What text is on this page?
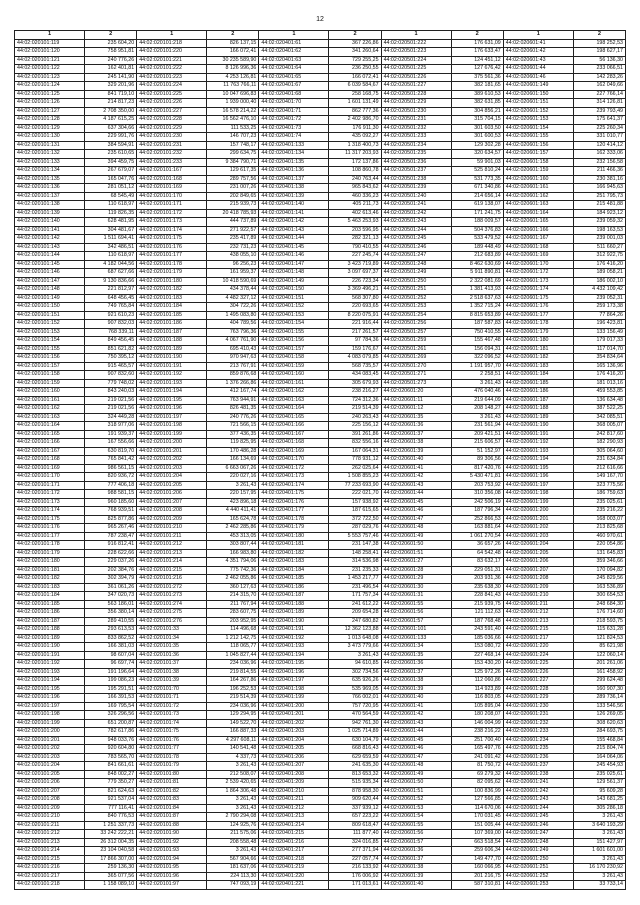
12
1	2	1	2	1	2	1	2	1	2
44:02:020101:119	235 604,20	44:02:020101:218	826 137,15	44:02:020401:61	367 226,86	44:02:020501:222	176 631,09	44:02:020601:41	198 252,53
44:02:020101:120	758 951,81	44:02:020101:220	166 072,41	44:02:020401:62	341 260,64	44:02:020501:223	176 633,47	44:02:020601:42	198 627,17
44:02:020101:121	240 776,26	44:02:020101:221	30 235 589,90	44:02:020401:63	729 255,25	44:02:020501:224	124 451,12	44:02:020601:43	56 136,30
44:02:020101:122	162 401,81	44:02:020101:222	8 126 996,36	44:02:020401:64	236 250,55	44:02:020501:225	127 676,42	44:02:020601:44	233 066,51
44:02:020101:123	245 141,90	44:02:020101:223	4 253 126,81	44:02:020401:65	166 072,41	44:02:020501:226	375 561,36	44:02:020601:46	142 283,26
44:02:020101:124	329 201,96	44:02:020101:224	11 763 766,11	44:02:020401:67	6 039 584,67	44:02:020501:227	382 181,65	44:02:020601:149	162 049,66
44:02:020101:125	841 719,10	44:02:020101:225	10 047 696,83	44:02:020401:68	258 168,75	44:02:020501:228	389 610,53	44:02:020601:150	227 766,14
44:02:020101:126	214 817,23	44:02:020101:226	1 939 000,40	44:02:020401:70	1 601 131,49	44:02:020501:229	382 631,85	44:02:020601:151	314 126,81
44:02:020101:127	2 708 350,00	44:02:020101:227	16 578 214,22	44:02:020401:71	862 777,36	44:02:020501:230	304 856,21	44:02:020601:152	239 793,49
44:02:020101:128	4 187 615,25	44:02:020101:228	16 562 476,10	44:02:020401:72	2 402 986,70	44:02:020501:231	315 704,15	44:02:020601:153	175 641,37
44:02:020101:129	637 304,66	44:02:020101:229	111 533,25	44:02:020401:73	176 911,30	44:02:020501:232	301 603,50	44:02:020601:154	225 260,34
44:02:020101:130	229 991,76	44:02:020101:230	146 707,23	44:02:020401:74	435 092,27	44:02:020501:233	301 600,53	44:02:020601:155	331 010,77
44:02:020101:131	384 594,91	44:02:020101:231	157 748,17	44:02:020401:133	1 318 400,73	44:02:020501:234	129 302,28	44:02:020601:156	120 414,12
44:02:020101:132	235 610,65	44:02:020101:232	299 634,75	44:02:020401:134	11 317 203,93	44:02:020501:235	320 634,57	44:02:020601:157	162 333,06
44:02:020101:133	394 459,75	44:02:020101:233	9 384 790,71	44:02:020401:135	172 137,86	44:02:020501:236	59 901,03	44:02:020601:158	232 156,58
44:02:020101:134	267 679,07	44:02:020101:167	129 617,35	44:02:020401:136	108 860,78	44:02:020501:237	525 810,24	44:02:020601:159	211 466,36
44:02:020101:135	165 047,76	44:02:020101:168	289 757,56	44:02:020401:137	240 763,44	44:02:020501:238	531 773,35	44:02:020601:160	230 381,16
44:02:020101:136	281 051,12	44:02:020101:169	231 007,26	44:02:020401:138	965 843,62	44:02:020501:239	671 340,86	44:02:020601:161	166 945,63
44:02:020101:137	68 545,49	44:02:020101:170	202 849,65	44:02:020401:139	460 336,23	44:02:020501:240	214 656,14	44:02:020601:162	251 795,73
44:02:020101:138	110 618,97	44:02:020101:171	215 939,73	44:02:020401:140	405 211,73	44:02:020501:241	619 138,07	44:02:020601:163	215 481,88
44:02:020101:139	119 826,35	44:02:020101:172	20 418 785,93	44:02:020401:141	402 613,46	44:02:020501:242	171 241,75	44:02:020601:164	184 923,12
44:02:020101:140	628 481,95	44:02:020101:173	444 737,89	44:02:020401:142	5 463 253,93	44:02:020501:243	188 009,57	44:02:020601:165	239 059,32
44:02:020101:141	304 481,67	44:02:020101:174	271 922,57	44:02:020401:143	203 596,95	44:02:020501:244	504 376,83	44:02:020601:166	198 163,53
44:02:020101:142	1 511 694,41	44:02:020101:175	235 417,89	44:02:020401:144	282 321,13	44:02:020501:245	533 479,52	44:02:020601:167	239 001,03
44:02:020101:143	342 486,51	44:02:020101:176	232 731,23	44:02:020401:145	790 410,55	44:02:020501:246	189 448,49	44:02:020601:168	511 660,27
44:02:020101:144	110 618,97	44:02:020101:177	438 055,10	44:02:020401:146	227 245,74	44:02:020501:247	212 683,89	44:02:020601:169	312 922,75
44:02:020101:145	4 182 044,56	44:02:020101:178	96 256,23	44:02:020401:147	3 423 719,89	44:02:020501:248	8 462 630,69	44:02:020601:170	176 416,20
44:02:020101:146	687 627,66	44:02:020101:179	161 959,37	44:02:020401:148	3 097 697,37	44:02:020501:249	5 911 890,81	44:02:020601:172	189 058,21
44:02:020101:147	9 130 836,66	44:02:020101:180	10 418 590,69	44:02:020401:149	226 723,34	44:02:020501:250	2 322 081,69	44:02:020601:173	186 002,10
44:02:020101:148	221 812,97	44:02:020101:182	434 378,44	44:02:020401:150	3 369 496,21	44:02:020501:251	1 381 413,93	44:02:020601:174	4 432 109,42
44:02:020101:149	648 456,45	44:02:020101:183	4 482 327,12	44:02:020401:151	568 307,80	44:02:020501:252	2 518 637,63	44:02:020601:175	239 052,31
44:02:020101:150	749 765,84	44:02:020101:184	304 722,26	44:02:020401:152	220 693,65	44:02:020501:253	1 352 715,24	44:02:020601:176	259 173,38
44:02:020101:151	921 610,23	44:02:020101:185	1 495 083,80	44:02:020401:153	8 220 075,91	44:02:020501:254	8 815 653,89	44:02:020601:177	77 864,26
44:02:020101:152	907 832,03	44:02:020101:186	404 789,56	44:02:020401:154	221 916,44	44:02:020501:256	187 587,83	44:02:020601:178	196 423,81
44:02:020101:153	768 339,11	44:02:020101:187	763 796,36	44:02:020401:155	217 261,57	44:02:020501:257	750 410,55	44:02:020601:179	133 156,49
44:02:020101:154	849 456,45	44:02:020101:188	4 067 761,90	44:02:020401:156	97 784,36	44:02:020501:259	155 467,48	44:02:020601:180	179 017,33
44:02:020101:155	851 621,82	44:02:020101:189	695 410,43	44:02:020401:157	159 176,67	44:02:020501:261	156 094,31	44:02:020601:181	117 014,70
44:02:020101:156	750 395,12	44:02:020101:190	970 947,63	44:02:020401:158	4 083 079,85	44:02:020501:269	322 096,52	44:02:020601:182	354 834,64
44:02:020101:157	915 465,57	44:02:020101:191	213 767,91	44:02:020401:159	568 735,57	44:02:020501:270	1 191 957,70	44:02:020601:183	165 136,96
44:02:020101:158	907 832,60	44:02:020101:192	859 876,68	44:02:020401:160	434 083,45	44:02:020501:271	2 258,51	44:02:020601:184	176 416,20
44:02:020101:159	779 748,02	44:02:020101:193	1 376 266,86	44:02:020401:161	305 679,93	44:02:020501:273	3 261,43	44:02:020601:185	181 013,16
44:02:020101:160	843 240,03	44:02:020101:194	412 167,74	44:02:020401:162	238 216,27	44:02:020601:20	476 040,46	44:02:020601:186	459 553,85
44:02:020101:161	219 021,56	44:02:020101:195	763 944,91	44:02:020401:163	724 312,36	44:02:020601:11	219 644,09	44:02:020601:187	136 634,48
44:02:020101:162	219 021,56	44:02:020101:196	826 481,35	44:02:020401:164	219 514,39	44:02:020601:12	208 148,27	44:02:020601:188	387 522,25
44:02:020101:163	324 449,28	44:02:020101:197	240 776,26	44:02:020401:165	240 263,43	44:02:020601:35	3 261,43	44:02:020601:189	342 085,51
44:02:020101:164	318 977,06	44:02:020101:198	721 566,15	44:02:020401:166	225 156,12	44:02:020601:36	231 561,94	44:02:020601:190	368 005,07
44:02:020101:165	191 939,37	44:02:020101:199	377 436,35	44:02:020401:167	391 261,86	44:02:020601:37	209 421,51	44:02:020601:191	242 817,60
44:02:020101:166	167 556,66	44:02:020101:200	119 825,95	44:02:020401:168	832 556,16	44:02:020601:38	215 606,57	44:02:020601:192	182 290,93
44:02:020101:167	630 819,70	44:02:020101:201	170 486,28	44:02:020401:169	167 064,31	44:02:020601:39	51 152,97	44:02:020601:193	305 064,60
44:02:020101:168	765 841,42	44:02:020101:202	166 134,69	44:02:020401:170	778 931,12	44:02:020601:40	89 306,56	44:02:020601:194	231 634,84
44:02:020101:169	986 561,15	44:02:020101:203	6 663 067,26	44:02:020401:172	262 025,64	44:02:020601:41	817 420,76	44:02:020601:195	212 616,66
44:02:020101:170	820 936,72	44:02:020101:204	220 027,16	44:02:020401:173	1 508 855,23	44:02:020601:42	5 430 471,81	44:02:020601:196	149 167,70
44:02:020101:171	777 406,18	44:02:020101:205	3 261,43	44:02:020401:174	77 233 693,90	44:02:020601:43	203 753,92	44:02:020601:197	323 775,56
44:02:020101:172	988 581,15	44:02:020101:206	220 157,95	44:02:020401:175	222 021,70	44:02:020601:44	310 356,08	44:02:020601:198	186 759,63
44:02:020101:173	960 185,60	44:02:020101:207	423 896,18	44:02:020401:176	157 938,92	44:02:020601:45	242 506,19	44:02:020601:199	235 025,61
44:02:020101:174	768 939,51	44:02:020101:208	4 440 411,41	44:02:020401:177	187 615,65	44:02:020601:46	187 796,34	44:02:020601:200	235 216,22
44:02:020101:175	825 877,86	44:02:020101:209	165 624,78	44:02:020401:178	372 722,50	44:02:020601:47	252 866,53	44:02:020601:201	168 003,07
44:02:020101:176	965 267,46	44:02:020101:210	2 462 285,86	44:02:020401:179	287 029,76	44:02:020601:48	163 881,64	44:02:020601:202	213 825,68
44:02:020101:177	787 238,47	44:02:020101:211	453 313,05	44:02:020401:180	5 553 757,46	44:02:020601:49	1 061 270,54	44:02:020601:203	460 970,61
44:02:020101:178	916 812,41	44:02:020101:212	303 807,44	44:02:020401:181	231 147,38	44:02:020601:50	36 657,26	44:02:020601:204	220 054,86
44:02:020101:179	228 622,66	44:02:020101:213	166 983,80	44:02:020401:182	148 258,41	44:02:020601:51	64 542,48	44:02:020601:205	131 645,83
44:02:020101:180	229 037,26	44:02:020101:214	4 351 794,06	44:02:020401:183	314 536,98	44:02:020601:27	83 632,17	44:02:020601:206	359 346,66
44:02:020101:181	202 384,76	44:02:020101:215	775 742,36	44:02:020401:184	231 235,33	44:02:020601:28	229 051,31	44:02:020601:207	170 094,82
44:02:020101:182	302 394,79	44:02:020101:216	2 462 055,86	44:02:020401:185	1 453 217,77	44:02:020601:29	203 931,36	44:02:020601:208	245 829,56
44:02:020101:183	361 061,26	44:02:020101:272	360 127,63	44:02:020401:186	231 496,54	44:02:020601:30	235 638,30	44:02:020601:209	163 536,89
44:02:020101:184	347 020,73	44:02:020101:273	214 315,70	44:02:020401:187	171 757,34	44:02:020601:31	228 841,43	44:02:020601:210	300 654,53
44:02:020101:185	563 186,01	44:02:020101:274	211 767,94	44:02:020401:188	241 612,22	44:02:020601:55	215 939,75	44:02:020601:211	248 684,30
44:02:020101:186	356 380,14	44:02:020101:275	283 607,75	44:02:020401:189	209 654,28	44:02:020601:56	121 112,63	44:02:020601:212	176 714,60
44:02:020101:187	289 410,55	44:02:020101:276	203 952,95	44:02:020401:190	247 680,82	44:02:020601:57	187 768,48	44:02:020601:213	218 593,75
44:02:020101:188	293 613,53	44:02:020101:33	114 496,68	44:02:020401:191	12 362 123,88	44:02:020601:101	243 591,40	44:02:020601:215	115 631,28
44:02:020101:189	833 862,52	44:02:020101:34	1 212 142,75	44:02:020401:192	1 013 648,08	44:02:020601:133	185 036,66	44:02:020601:217	121 824,53
44:02:020101:190	166 381,03	44:02:020101:35	118 065,77	44:02:020401:193	3 473 779,66	44:02:020601:34	153 080,72	44:02:020601:220	85 621,98
44:02:020101:191	98 607,04	44:02:020101:36	1 045 827,44	44:02:020401:194	3 261,43	44:02:020601:35	227 468,14	44:02:020601:224	122 060,14
44:02:020101:192	96 697,74	44:02:020101:37	234 036,96	44:02:020401:195	94 610,85	44:02:020601:36	153 430,20	44:02:020601:225	201 261,06
44:02:020101:193	191 196,64	44:02:020101:38	219 814,55	44:02:020401:196	302 734,56	44:02:020601:37	125 972,26	44:02:020601:226	161 458,92
44:02:020101:194	199 086,23	44:02:020101:39	164 267,86	44:02:020401:197	635 926,26	44:02:020601:38	112 060,86	44:02:020601:227	299 624,48
44:02:020101:195	195 291,51	44:02:020101:70	196 252,53	44:02:020401:198	535 969,05	44:02:020601:39	114 923,89	44:02:020601:228	160 907,30
44:02:020101:196	166 391,53	44:02:020101:71	219 514,39	44:02:020401:199	766 002,01	44:02:020601:40	116 803,05	44:02:020601:229	289 736,14
44:02:020101:197	169 795,54	44:02:020101:72	234 036,96	44:02:020401:200	757 720,95	44:02:020601:41	105 895,04	44:02:020601:230	133 546,56
44:02:020101:198	326 296,56	44:02:020101:73	129 294,95	44:02:020401:201	470 564,59	44:02:020601:42	180 208,07	44:02:020601:231	126 269,05
44:02:020101:199	651 200,87	44:02:020101:74	149 522,70	44:02:020401:202	942 761,30	44:02:020601:43	146 004,99	44:02:020601:232	308 620,63
44:02:020101:200	782 617,86	44:02:020101:75	166 887,33	44:02:020401:203	1 025 714,89	44:02:020601:44	238 216,22	44:02:020601:233	284 693,75
44:02:020101:201	948 033,76	44:02:020101:76	4 297 608,11	44:02:020401:204	630 104,79	44:02:020601:45	251 700,40	44:02:020601:234	155 468,84
44:02:020101:202	920 604,80	44:02:020101:77	140 541,48	44:02:020401:205	668 816,43	44:02:020601:46	165 497,76	44:02:020601:235	215 804,74
44:02:020101:203	783 565,70	44:02:020101:78	4 337,73	44:02:020401:206	629 659,59	44:02:020601:47	241 091,42	44:02:020601:236	164 064,06
44:02:020101:204	841 661,61	44:02:020101:79	3 261,43	44:02:020401:207	241 635,30	44:02:020601:48	81 750,72	44:02:020601:237	245 454,93
44:02:020101:205	848 002,27	44:02:020101:80	212 508,07	44:02:020401:208	813 653,32	44:02:020601:49	69 279,32	44:02:020601:238	235 025,61
44:02:020101:206	779 350,27	44:02:020101:81	2 539 420,65	44:02:020401:209	515 935,34	44:02:020601:50	82 095,62	44:02:020601:241	129 561,37
44:02:020101:207	821 624,63	44:02:020101:82	1 864 306,48	44:02:020401:210	878 958,30	44:02:020601:51	100 836,99	44:02:020601:242	95 609,28
44:02:020101:208	921 537,04	44:02:020101:83	3 261,43	44:02:020401:211	909 620,44	44:02:020601:52	127 566,85	44:02:020601:243	143 681,25
44:02:020101:209	777 116,41	44:02:020101:84	3 261,43	44:02:020401:212	337 939,12	44:02:020601:53	114 670,06	44:02:020601:244	305 286,18
44:02:020101:210	840 776,53	44:02:020101:87	2 790 294,08	44:02:020401:213	657 223,22	44:02:020601:54	170 031,45	44:02:020601:245	3 261,43
44:02:020101:211	1 251 337,73	44:02:020101:88	124 925,76	44:02:020401:214	809 618,47	44:02:020601:55	151 005,44	44:02:020601:246	3 640 193,29
44:02:020101:212	33 242 222,21	44:02:020101:90	211 575,06	44:02:020401:215	111 877,40	44:02:020601:56	107 369,00	44:02:020601:247	3 261,43
44:02:020101:213	26 312 004,35	44:02:020101:92	208 558,48	44:02:020401:216	324 016,85	44:02:020601:57	663 518,54	44:02:020601:248	151 427,97
44:02:020101:214	23 104 040,58	44:02:020101:93	3 261,43	44:02:020401:217	277 371,94	44:02:020601:36	259 606,34	44:02:020601:249	1 601 601,00
44:02:020101:215	17 866 307,00	44:02:020101:94	567 904,66	44:02:020401:218	227 057,74	44:02:020601:37	149 477,70	44:02:020601:250	3 261,43
44:02:020101:216	259 136,30	44:02:020101:95	181 637,06	44:02:020401:219	216 133,92	44:02:020601:38	160 066,95	44:02:020601:251	16 170 230,92
44:02:020101:217	365 077,56	44:02:020101:96	224 113,30	44:02:020401:220	176 006,92	44:02:020601:39	201 216,75	44:02:020601:252	3 261,43
44:02:020101:218	1 158 089,10	44:02:020101:97	747 093,19	44:02:020401:221	171 013,61	44:02:020601:40	587 310,81	44:02:020601:253	33 733,14
